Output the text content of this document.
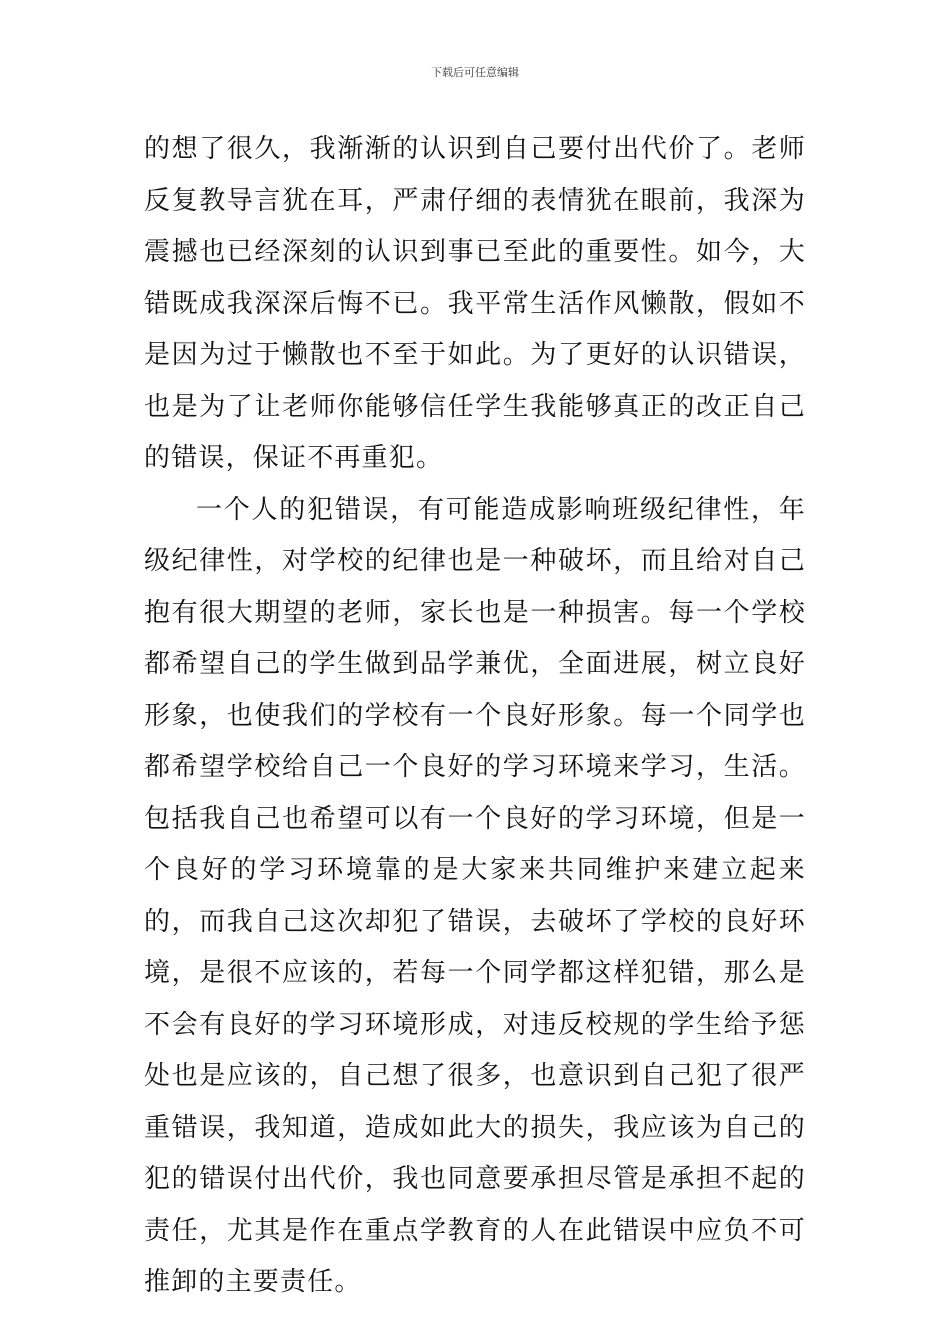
下载后可任意编辑

的想了很久，我渐渐的认识到自己要付出代价了。老师反复教导言犹在耳，严肃仔细的表情犹在眼前，我深为震撼也已经深刻的认识到事已至此的重要性。如今，大错既成我深深后悔不已。我平常生活作风懒散，假如不是因为过于懒散也不至于如此。为了更好的认识错误，也是为了让老师你能够信任学生我能够真正的改正自己的错误，保证不再重犯。

一个人的犯错误，有可能造成影响班级纪律性，年级纪律性，对学校的纪律也是一种破坏，而且给对自己抱有很大期望的老师，家长也是一种损害。每一个学校都希望自己的学生做到品学兼优，全面进展，树立良好形象，也使我们的学校有一个良好形象。每一个同学也都希望学校给自己一个良好的学习环境来学习，生活。包括我自己也希望可以有一个良好的学习环境，但是一个良好的学习环境靠的是大家来共同维护来建立起来的，而我自己这次却犯了错误，去破坏了学校的良好环境，是很不应该的，若每一个同学都这样犯错，那么是不会有良好的学习环境形成，对违反校规的学生给予惩处也是应该的，自己想了很多，也意识到自己犯了很严重错误，我知道，造成如此大的损失，我应该为自己的犯的错误付出代价，我也同意要承担尽管是承担不起的责任，尤其是作在重点学教育的人在此错误中应负不可推卸的主要责任。
